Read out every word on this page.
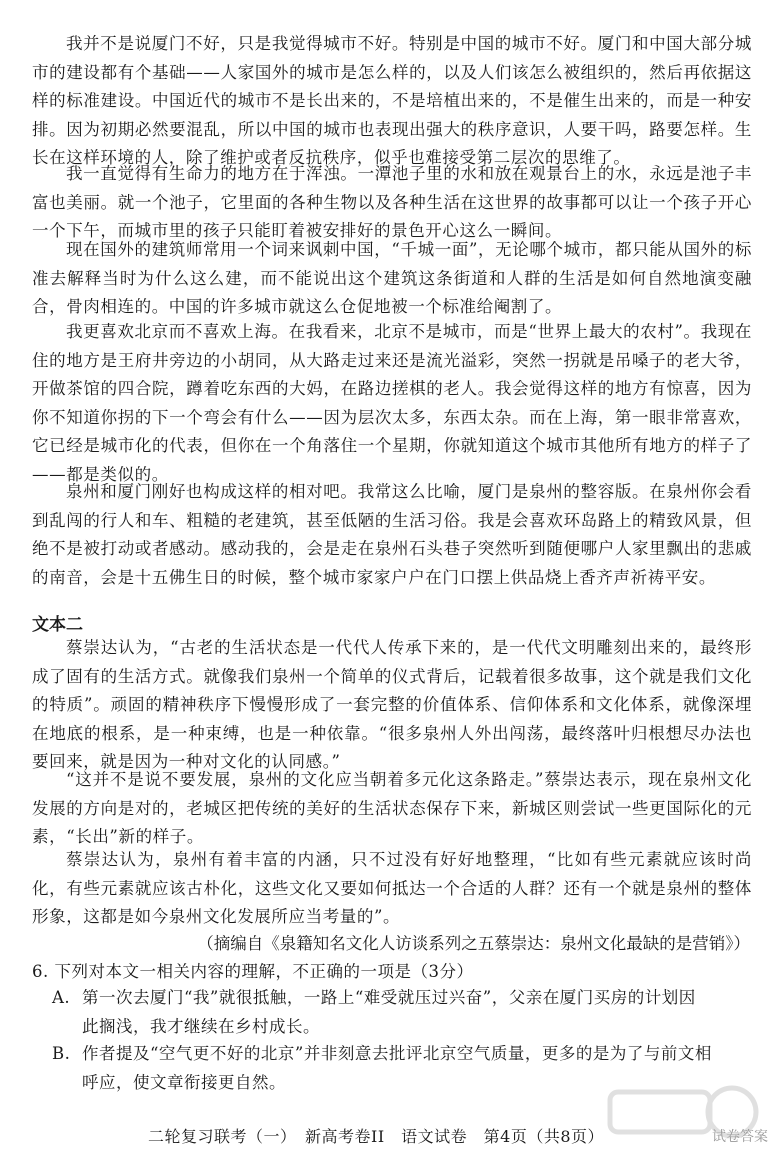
我并不是说厦门不好，只是我觉得城市不好。特别是中国的城市不好。厦门和中国大部分城市的建设都有个基础——人家国外的城市是怎么样的，以及人们该怎么被组织的，然后再依据这样的标准建设。中国近代的城市不是长出来的，不是培植出来的，不是催生出来的，而是一种安排。因为初期必然要混乱，所以中国的城市也表现出强大的秩序意识，人要干吗，路要怎样。生长在这样环境的人，除了维护或者反抗秩序，似乎也难接受第二层次的思维了。

我一直觉得有生命力的地方在于浑浊。一潭池子里的水和放在观景台上的水，永远是池子丰富也美丽。就一个池子，它里面的各种生物以及各种生活在这世界的故事都可以让一个孩子开心一个下午，而城市里的孩子只能盯着被安排好的景色开心这么一瞬间。

现在国外的建筑师常用一个词来讽刺中国，“千城一面”，无论哪个城市，都只能从国外的标准去解释当时为什么这么建，而不能说出这个建筑这条街道和人群的生活是如何自然地演变融合，骨肉相连的。中国的许多城市就这么仓促地被一个标准给阉割了。

我更喜欢北京而不喜欢上海。在我看来，北京不是城市，而是“世界上最大的农村”。我现在住的地方是王府井旁边的小胡同，从大路走过来还是流光溢彩，突然一拐就是吊嗓子的老大爷，开做茶馆的四合院，蹲着吃东西的大妈，在路边搓棋的老人。我会觉得这样的地方有惊喜，因为你不知道你拐的下一个弯会有什么——因为层次太多，东西太杂。而在上海，第一眼非常喜欢，它已经是城市化的代表，但你在一个角落住一个星期，你就知道这个城市其他所有地方的样子了——都是类似的。

泉州和厦门刚好也构成这样的相对吧。我常这么比喻，厦门是泉州的整容版。在泉州你会看到乱闯的行人和车、粗糙的老建筑，甚至低陋的生活习俗。我是会喜欢环岛路上的精致风景，但绝不是被打动或者感动。感动我的，会是走在泉州石头巷子突然听到随便哪户人家里飘出的悲戚的南音，会是十五佛生日的时候，整个城市家家户户在门口摆上供品烧上香齐声祈祷平安。

文本二

蔡崇达认为，“古老的生活状态是一代代人传承下来的，是一代代文明雕刻出来的，最终形成了固有的生活方式。就像我们泉州一个简单的仪式背后，记载着很多故事，这个就是我们文化的特质”。顽固的精神秩序下慢慢形成了一套完整的价值体系、信仰体系和文化体系，就像深埋在地底的根系，是一种束缚，也是一种依靠。“很多泉州人外出闯荡，最终落叶归根想尽办法也要回来，就是因为一种对文化的认同感。”

“这并不是说不要发展，泉州的文化应当朝着多元化这条路走。”蔡崇达表示，现在泉州文化发展的方向是对的，老城区把传统的美好的生活状态保存下来，新城区则尝试一些更国际化的元素，“长出”新的样子。

蔡崇达认为，泉州有着丰富的内涵，只不过没有好好地整理，“比如有些元素就应该时尚化，有些元素就应该古朴化，这些文化又要如何抵达一个合适的人群？还有一个就是泉州的整体形象，这都是如今泉州文化发展所应当考量的”。

（摘编自《泉籍知名文化人访谈系列之五蔡崇达：泉州文化最缺的是营销》）

6. 下列对本文一相关内容的理解，不正确的一项是（3分）

A. 第一次去厦门“我”就很抵触，一路上“难受就压过兴奋”，父亲在厦门买房的计划因
此搁浅，我才继续在乡村成长。
B. 作者提及“空气更不好的北京”并非刻意去批评北京空气质量，更多的是为了与前文相
呼应，使文章衔接更自然。

二轮复习联考（一）　新高考卷II　语文试卷　第4页（共8页）	试卷答案
